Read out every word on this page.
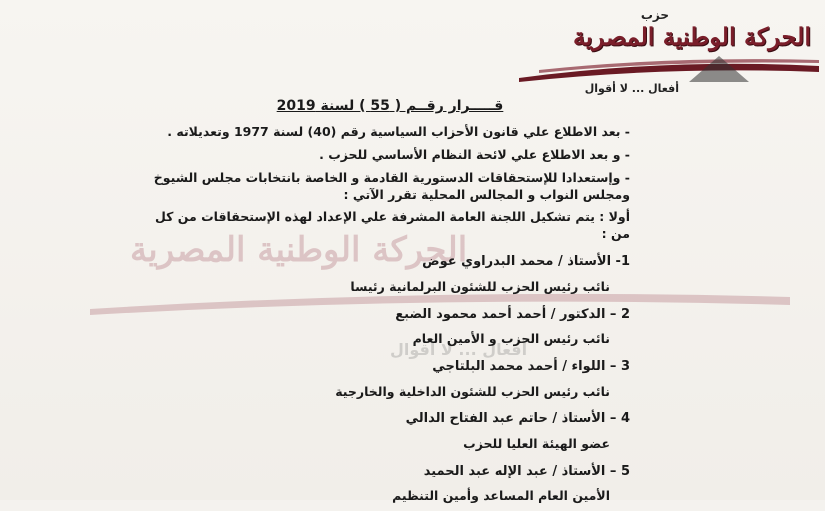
حزب
الحركة الوطنية المصرية
أفعال ... لا أقوال
الحركة الوطنية المصرية
أفعال ... لا أقوال
قـــــرار رقــم ( 55 ) لسنة 2019
- بعد الاطلاع علي قانون الأحزاب السياسية رقم (40) لسنة 1977 وتعديلاته .
- و بعد الاطلاع علي لائحة النظام الأساسي للحزب .
- وإستعدادا للإستحقاقات الدستورية القادمة و الخاصة بانتخابات مجلس الشيوخ ومجلس النواب و المجالس المحلية تقرر الآتي :
أولا : يتم تشكيل اللجنة العامة المشرفة علي الإعداد لهذه الإستحقاقات من كل من :
1- الأستاذ / محمد البدراوي عوض
نائب رئيس الحزب للشئون البرلمانية رئيسا
2 – الدكتور / أحمد أحمد محمود الضبع
نائب رئيس الحزب و الأمين العام
3 – اللواء / أحمد محمد البلتاجي
نائب رئيس الحزب للشئون الداخلية والخارجية
4 – الأستاذ / حاتم عبد الفتاح الدالي
عضو الهيئة العليا للحزب
5 – الأستاذ / عبد الإله عبد الحميد
الأمين العام المساعد وأمين التنظيم
